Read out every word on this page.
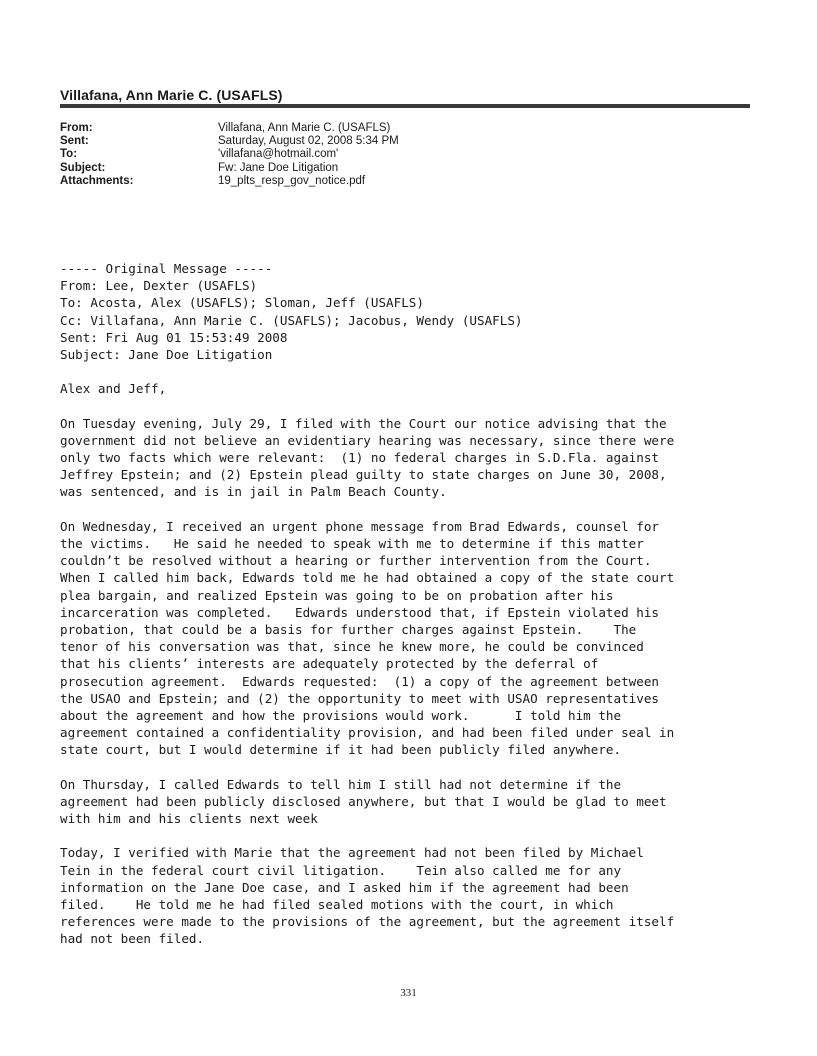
Villafana, Ann Marie C. (USAFLS)
From:	Villafana, Ann Marie C. (USAFLS)
Sent:	Saturday, August 02, 2008 5:34 PM
To:	'villafana@hotmail.com'
Subject:	Fw: Jane Doe Litigation
Attachments:	19_plts_resp_gov_notice.pdf
----- Original Message -----
From: Lee, Dexter (USAFLS)
To: Acosta, Alex (USAFLS); Sloman, Jeff (USAFLS)
Cc: Villafana, Ann Marie C. (USAFLS); Jacobus, Wendy (USAFLS)
Sent: Fri Aug 01 15:53:49 2008
Subject: Jane Doe Litigation
Alex and Jeff,
On Tuesday evening, July 29, I filed with the Court our notice advising that the
government did not believe an evidentiary hearing was necessary, since there were
only two facts which were relevant:  (1) no federal charges in S.D.Fla. against
Jeffrey Epstein; and (2) Epstein plead guilty to state charges on June 30, 2008,
was sentenced, and is in jail in Palm Beach County.
On Wednesday, I received an urgent phone message from Brad Edwards, counsel for
the victims.   He said he needed to speak with me to determine if this matter
couldn’t be resolved without a hearing or further intervention from the Court.
When I called him back, Edwards told me he had obtained a copy of the state court
plea bargain, and realized Epstein was going to be on probation after his
incarceration was completed.   Edwards understood that, if Epstein violated his
probation, that could be a basis for further charges against Epstein.    The
tenor of his conversation was that, since he knew more, he could be convinced
that his clients’ interests are adequately protected by the deferral of
prosecution agreement.  Edwards requested:  (1) a copy of the agreement between
the USAO and Epstein; and (2) the opportunity to meet with USAO representatives
about the agreement and how the provisions would work.      I told him the
agreement contained a confidentiality provision, and had been filed under seal in
state court, but I would determine if it had been publicly filed anywhere.
On Thursday, I called Edwards to tell him I still had not determine if the
agreement had been publicly disclosed anywhere, but that I would be glad to meet
with him and his clients next week
Today, I verified with Marie that the agreement had not been filed by Michael
Tein in the federal court civil litigation.    Tein also called me for any
information on the Jane Doe case, and I asked him if the agreement had been
filed.    He told me he had filed sealed motions with the court, in which
references were made to the provisions of the agreement, but the agreement itself
had not been filed.
331
